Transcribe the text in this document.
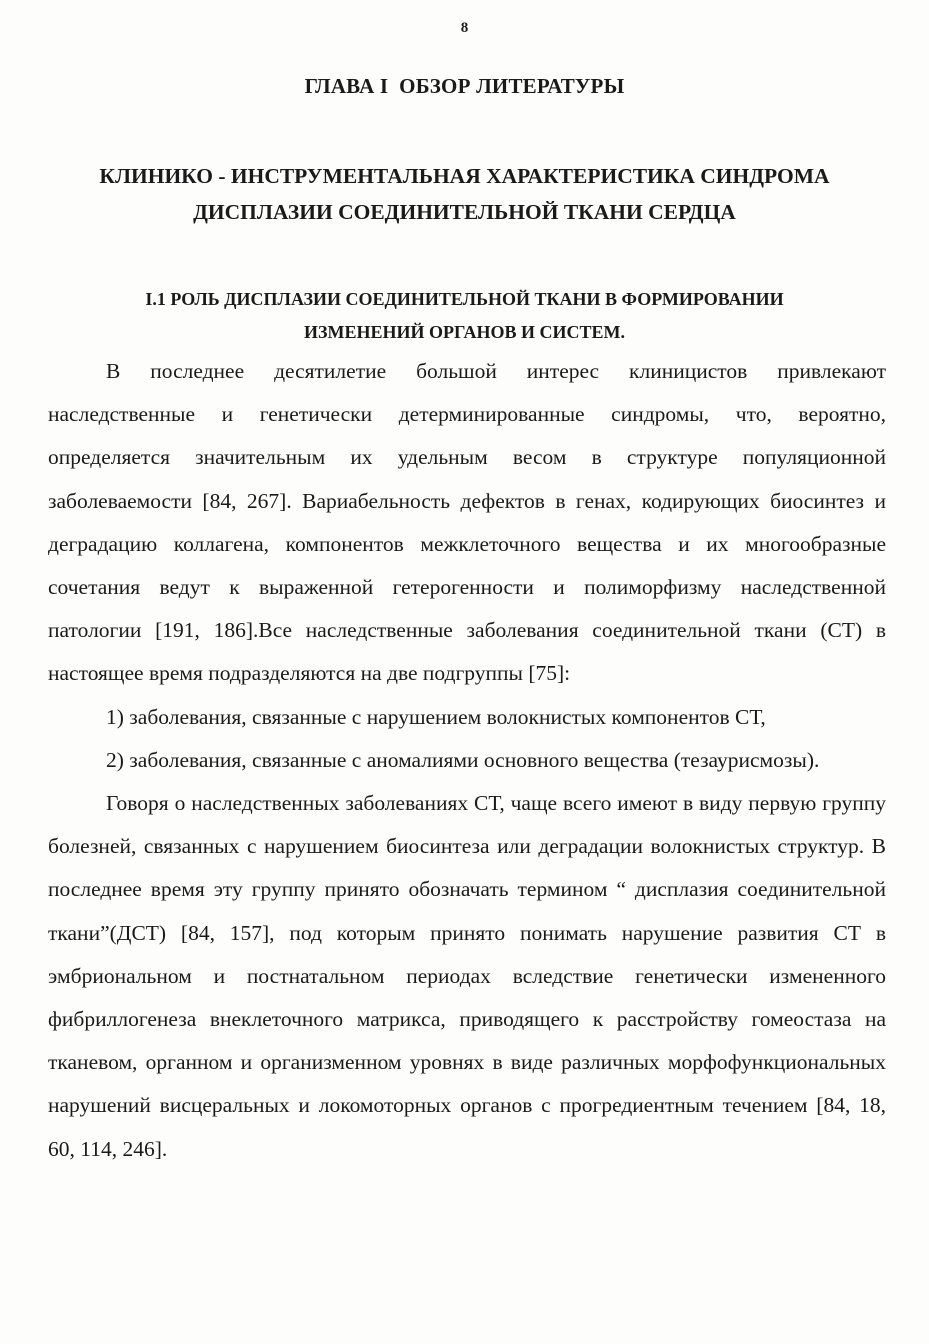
8
ГЛАВА I  ОБЗОР ЛИТЕРАТУРЫ
КЛИНИКО - ИНСТРУМЕНТАЛЬНАЯ ХАРАКТЕРИСТИКА СИНДРОМА
ДИСПЛАЗИИ СОЕДИНИТЕЛЬНОЙ ТКАНИ СЕРДЦА
I.1 РОЛЬ ДИСПЛАЗИИ СОЕДИНИТЕЛЬНОЙ ТКАНИ В ФОРМИРОВАНИИ
ИЗМЕНЕНИЙ ОРГАНОВ И СИСТЕМ.

В последнее десятилетие большой интерес клиницистов привлекают наследственные и генетически детерминированные синдромы, что, вероятно, определяется значительным их удельным весом в структуре популяционной заболеваемости [84, 267]. Вариабельность дефектов в генах, кодирующих биосинтез и деградацию коллагена, компонентов межклеточного вещества и их многообразные сочетания ведут к выраженной гетерогенности и полиморфизму наследственной патологии [191, 186].Все наследственные заболевания соединительной ткани (СТ) в настоящее время подразделяются на две подгруппы [75]:

1) заболевания, связанные с нарушением волокнистых компонентов СТ,

2) заболевания, связанные с аномалиями основного вещества (тезаурисмозы).

Говоря о наследственных заболеваниях СТ, чаще всего имеют в виду первую группу болезней, связанных с нарушением биосинтеза или деградации волокнистых структур. В последнее время эту группу принято обозначать термином “ дисплазия соединительной ткани”(ДСТ) [84, 157], под которым принято понимать нарушение развития СТ в эмбриональном и постнатальном периодах вследствие генетически измененного фибриллогенеза внеклеточного матрикса, приводящего к расстройству гомеостаза на тканевом, органном и организменном уровнях в виде различных морфофункциональных нарушений висцеральных и локомоторных органов с прогредиентным течением [84, 18, 60, 114, 246].
